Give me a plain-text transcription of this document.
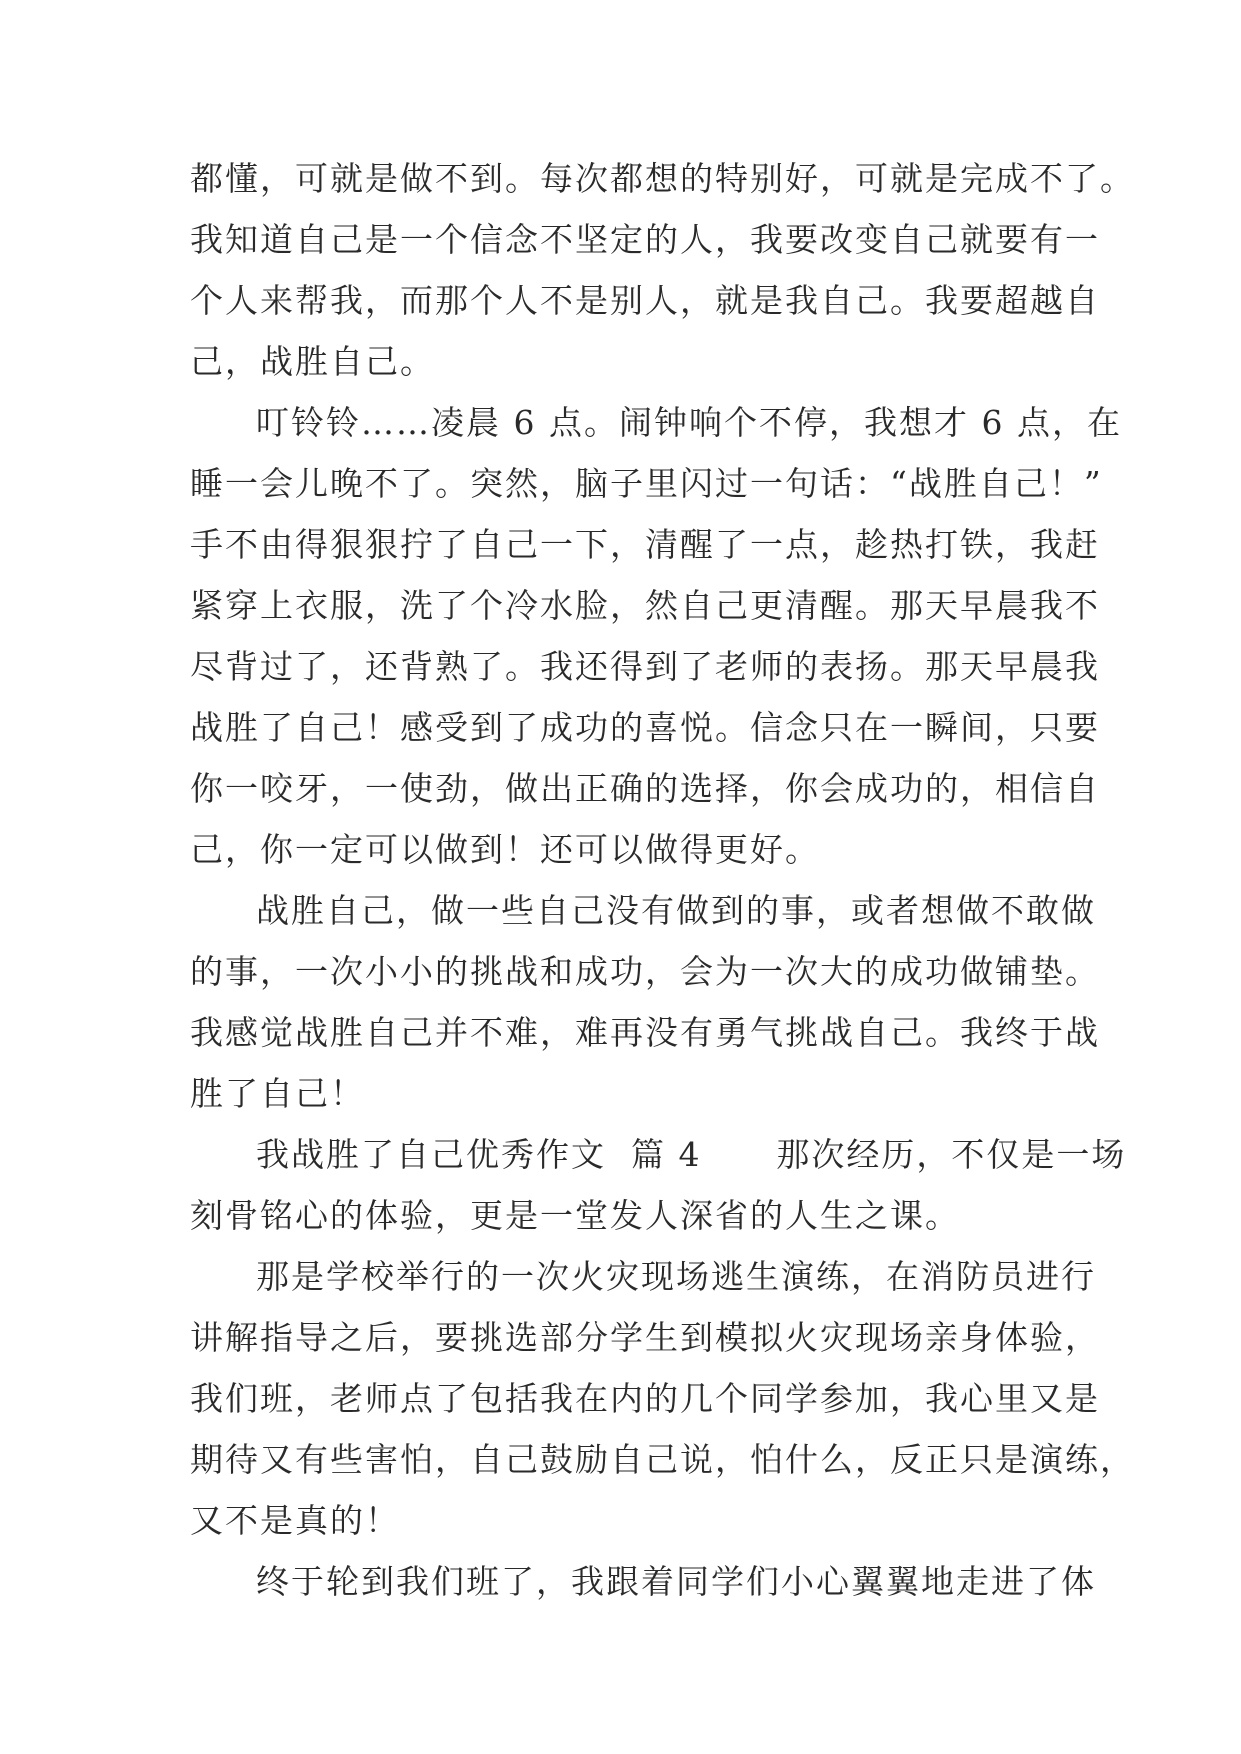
都懂，可就是做不到。每次都想的特别好，可就是完成不了。
我知道自己是一个信念不坚定的人，我要改变自己就要有一
个人来帮我，而那个人不是别人，就是我自己。我要超越自
己，战胜自己。
叮铃铃……凌晨 6 点。闹钟响个不停，我想才 6 点，在
睡一会儿晚不了。突然，脑子里闪过一句话：“战胜自己！”
手不由得狠狠拧了自己一下，清醒了一点，趁热打铁，我赶
紧穿上衣服，洗了个冷水脸，然自己更清醒。那天早晨我不
尽背过了，还背熟了。我还得到了老师的表扬。那天早晨我
战胜了自己！感受到了成功的喜悦。信念只在一瞬间，只要
你一咬牙，一使劲，做出正确的选择，你会成功的，相信自
己，你一定可以做到！还可以做得更好。
战胜自己，做一些自己没有做到的事，或者想做不敢做
的事，一次小小的挑战和成功，会为一次大的成功做铺垫。
我感觉战胜自己并不难，难再没有勇气挑战自己。我终于战
胜了自己！
我战胜了自己优秀作文  篇 4      那次经历，不仅是一场
刻骨铭心的体验，更是一堂发人深省的人生之课。
那是学校举行的一次火灾现场逃生演练，在消防员进行
讲解指导之后，要挑选部分学生到模拟火灾现场亲身体验，
我们班，老师点了包括我在内的几个同学参加，我心里又是
期待又有些害怕，自己鼓励自己说，怕什么，反正只是演练，
又不是真的！
终于轮到我们班了，我跟着同学们小心翼翼地走进了体
